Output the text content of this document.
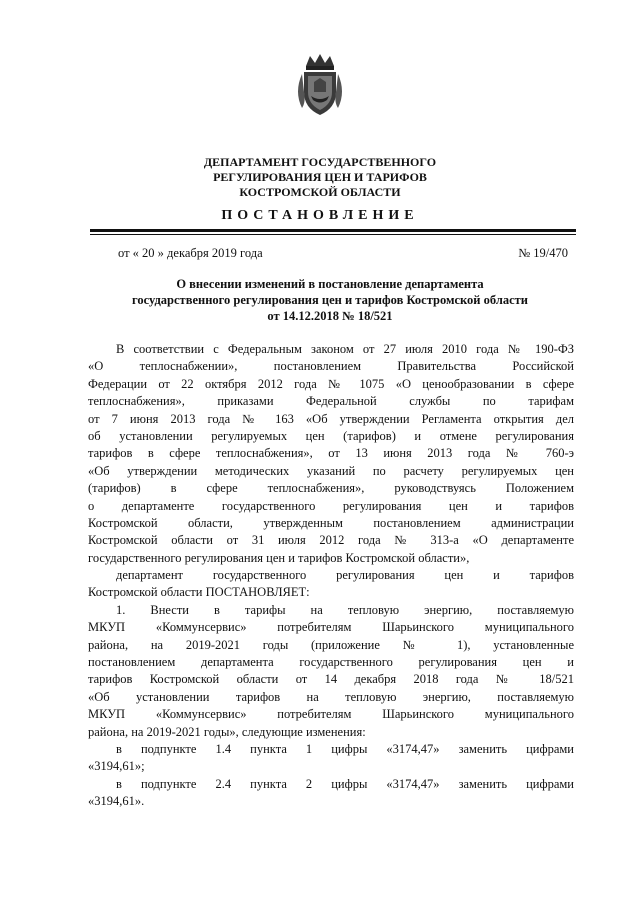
ДЕПАРТАМЕНТ ГОСУДАРСТВЕННОГО
РЕГУЛИРОВАНИЯ ЦЕН И ТАРИФОВ
КОСТРОМСКОЙ ОБЛАСТИ
ПОСТАНОВЛЕНИЕ
от « 20 » декабря 2019 года	№ 19/470
О внесении изменений в постановление департамента
государственного регулирования цен и тарифов Костромской области
от 14.12.2018 № 18/521
В соответствии с Федеральным законом от 27 июля 2010 года № 190-ФЗ
«О теплоснабжении», постановлением Правительства Российской
Федерации от 22 октября 2012 года № 1075 «О ценообразовании в сфере
теплоснабжения», приказами Федеральной службы по тарифам
от 7 июня 2013 года № 163 «Об утверждении Регламента открытия дел
об установлении регулируемых цен (тарифов) и отмене регулирования
тарифов в сфере теплоснабжения», от 13 июня 2013 года № 760-э
«Об утверждении методических указаний по расчету регулируемых цен
(тарифов) в сфере теплоснабжения», руководствуясь Положением
о департаменте государственного регулирования цен и тарифов
Костромской области, утвержденным постановлением администрации
Костромской области от 31 июля 2012 года № 313-а «О департаменте
государственного регулирования цен и тарифов Костромской области»,
департамент государственного регулирования цен и тарифов
Костромской области ПОСТАНОВЛЯЕТ:
1. Внести в тарифы на тепловую энергию, поставляемую
МКУП «Коммунсервис» потребителям Шарьинского муниципального
района, на 2019-2021 годы (приложение № 1), установленные
постановлением департамента государственного регулирования цен и
тарифов Костромской области от 14 декабря 2018 года № 18/521
«Об установлении тарифов на тепловую энергию, поставляемую
МКУП «Коммунсервис» потребителям Шарьинского муниципального
района, на 2019-2021 годы», следующие изменения:
в подпункте 1.4 пункта 1 цифры «3174,47» заменить цифрами
«3194,61»;
в подпункте 2.4 пункта 2 цифры «3174,47» заменить цифрами
«3194,61».
